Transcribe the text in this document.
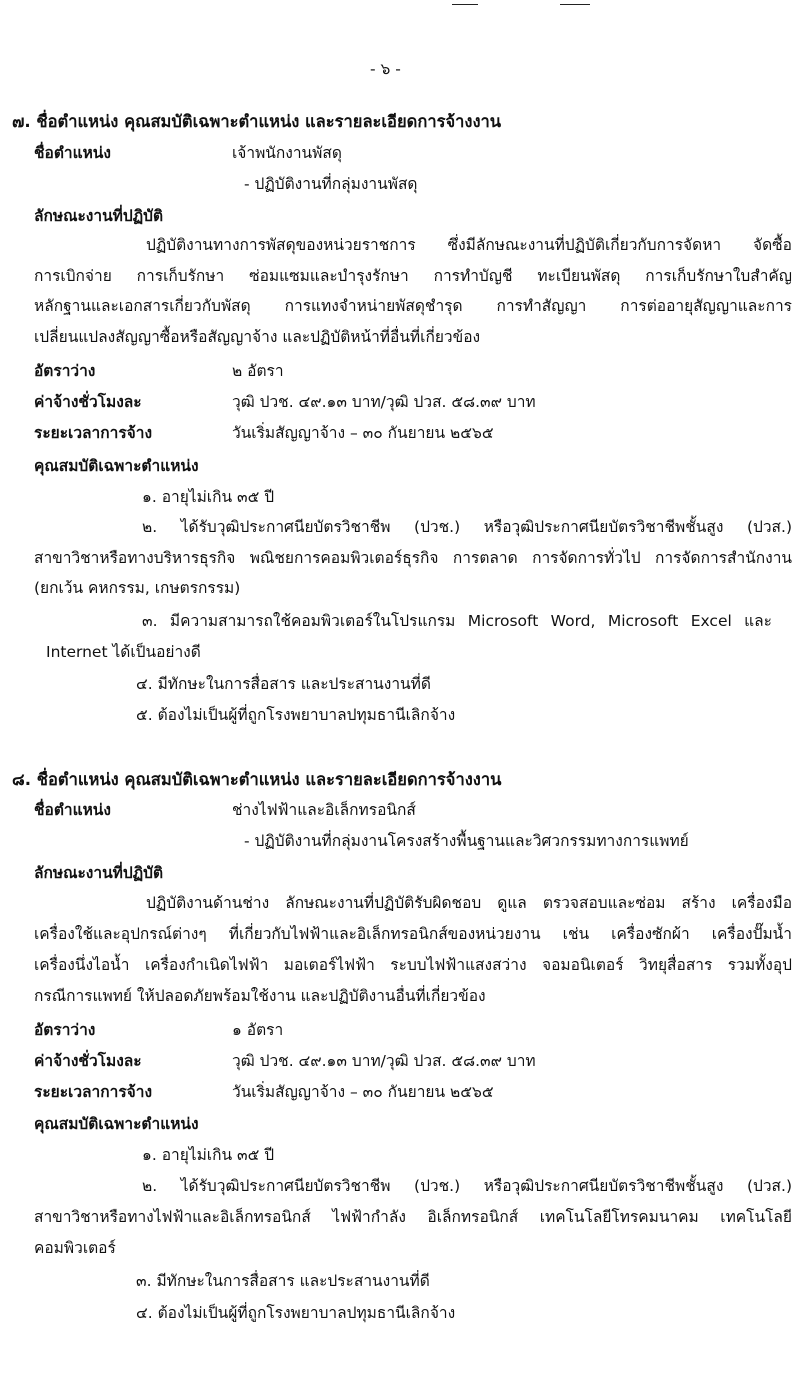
- ๖ -
๗. ชื่อตำแหน่ง คุณสมบัติเฉพาะตำแหน่ง และรายละเอียดการจ้างงาน
ชื่อตำแหน่ง	เจ้าพนักงานพัสดุ
- ปฏิบัติงานที่กลุ่มงานพัสดุ
ลักษณะงานที่ปฏิบัติ
ปฏิบัติงานทางการพัสดุของหน่วยราชการ ซึ่งมีลักษณะงานที่ปฏิบัติเกี่ยวกับการจัดหา จัดซื้อ
การเบิกจ่าย การเก็บรักษา ซ่อมแซมและบำรุงรักษา การทำบัญชี ทะเบียนพัสดุ การเก็บรักษาใบสำคัญ
หลักฐานและเอกสารเกี่ยวกับพัสดุ การแทงจำหน่ายพัสดุชำรุด การทำสัญญา การต่ออายุสัญญาและการ
เปลี่ยนแปลงสัญญาซื้อหรือสัญญาจ้าง และปฏิบัติหน้าที่อื่นที่เกี่ยวข้อง
อัตราว่าง	๒ อัตรา
ค่าจ้างชั่วโมงละ	วุฒิ ปวช. ๔๙.๑๓ บาท/วุฒิ ปวส. ๕๘.๓๙ บาท
ระยะเวลาการจ้าง	วันเริ่มสัญญาจ้าง – ๓๐ กันยายน ๒๕๖๕
คุณสมบัติเฉพาะตำแหน่ง
๑. อายุไม่เกิน ๓๕ ปี
๒. ได้รับวุฒิประกาศนียบัตรวิชาชีพ (ปวช.) หรือวุฒิประกาศนียบัตรวิชาชีพชั้นสูง (ปวส.)
สาขาวิชาหรือทางบริหารธุรกิจ พณิชยการคอมพิวเตอร์ธุรกิจ การตลาด การจัดการทั่วไป การจัดการสำนักงาน
(ยกเว้น คหกรรม, เกษตรกรรม)
๓. มีความสามารถใช้คอมพิวเตอร์ในโปรแกรม Microsoft Word, Microsoft Excel และ
Internet ได้เป็นอย่างดี
๔. มีทักษะในการสื่อสาร และประสานงานที่ดี
๕. ต้องไม่เป็นผู้ที่ถูกโรงพยาบาลปทุมธานีเลิกจ้าง
๘. ชื่อตำแหน่ง คุณสมบัติเฉพาะตำแหน่ง และรายละเอียดการจ้างงาน
ชื่อตำแหน่ง	ช่างไฟฟ้าและอิเล็กทรอนิกส์
- ปฏิบัติงานที่กลุ่มงานโครงสร้างพื้นฐานและวิศวกรรมทางการแพทย์
ลักษณะงานที่ปฏิบัติ
ปฏิบัติงานด้านช่าง ลักษณะงานที่ปฏิบัติรับผิดชอบ ดูแล ตรวจสอบและซ่อม สร้าง เครื่องมือ
เครื่องใช้และอุปกรณ์ต่างๆ ที่เกี่ยวกับไฟฟ้าและอิเล็กทรอนิกส์ของหน่วยงาน เช่น เครื่องซักผ้า เครื่องปั๊มน้ำ
เครื่องนึ่งไอน้ำ เครื่องกำเนิดไฟฟ้า มอเตอร์ไฟฟ้า ระบบไฟฟ้าแสงสว่าง จอมอนิเตอร์ วิทยุสื่อสาร รวมทั้งอุป
กรณีการแพทย์ ให้ปลอดภัยพร้อมใช้งาน และปฏิบัติงานอื่นที่เกี่ยวข้อง
อัตราว่าง	๑ อัตรา
ค่าจ้างชั่วโมงละ	วุฒิ ปวช. ๔๙.๑๓ บาท/วุฒิ ปวส. ๕๘.๓๙ บาท
ระยะเวลาการจ้าง	วันเริ่มสัญญาจ้าง – ๓๐ กันยายน ๒๕๖๕
คุณสมบัติเฉพาะตำแหน่ง
๑. อายุไม่เกิน ๓๕ ปี
๒. ได้รับวุฒิประกาศนียบัตรวิชาชีพ (ปวช.) หรือวุฒิประกาศนียบัตรวิชาชีพชั้นสูง (ปวส.)
สาขาวิชาหรือทางไฟฟ้าและอิเล็กทรอนิกส์ ไฟฟ้ากำลัง อิเล็กทรอนิกส์ เทคโนโลยีโทรคมนาคม เทคโนโลยี
คอมพิวเตอร์
๓. มีทักษะในการสื่อสาร และประสานงานที่ดี
๔. ต้องไม่เป็นผู้ที่ถูกโรงพยาบาลปทุมธานีเลิกจ้าง
